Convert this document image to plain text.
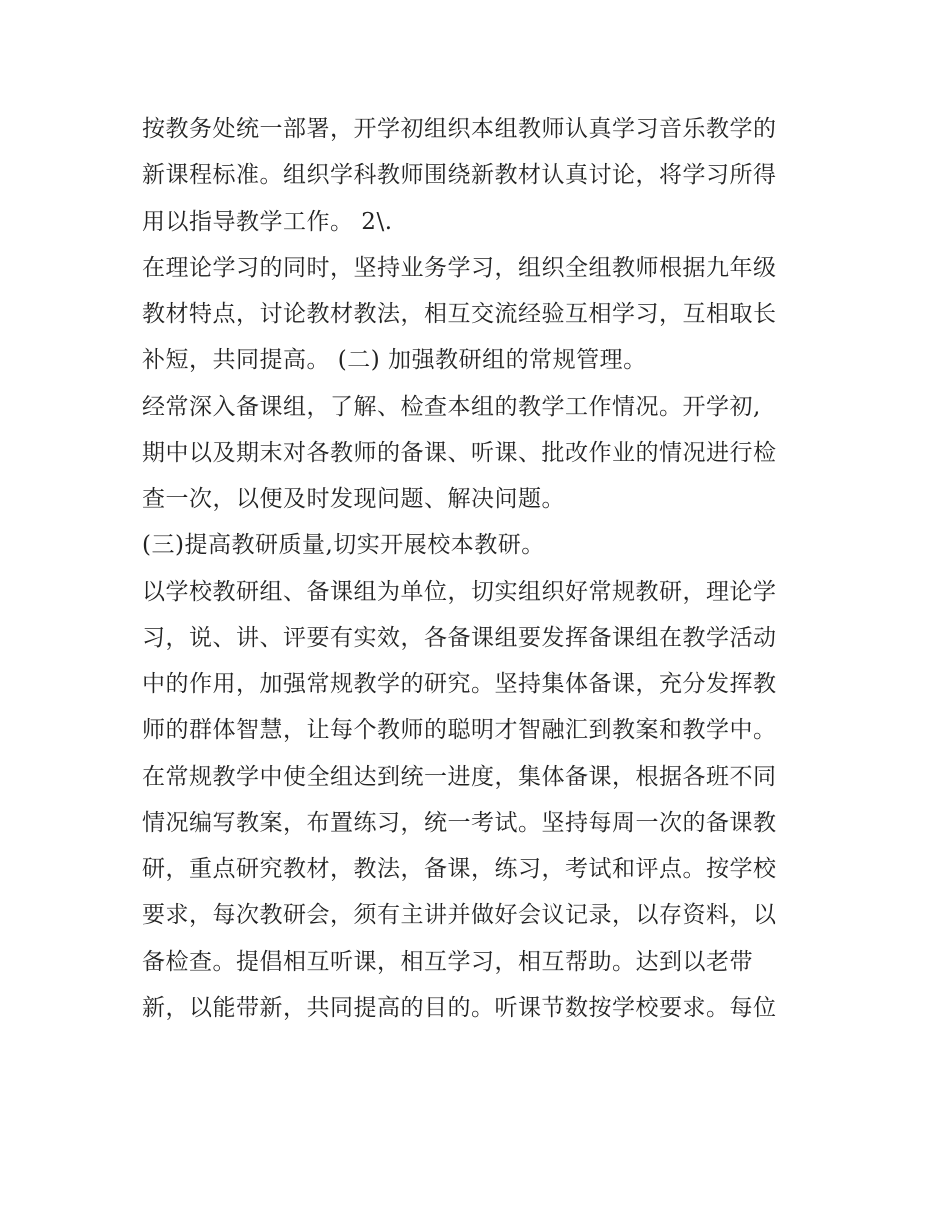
按教务处统一部署，开学初组织本组教师认真学习音乐教学的
新课程标准。组织学科教师围绕新教材认真讨论，将学习所得
用以指导教学工作。 2\.
在理论学习的同时，坚持业务学习，组织全组教师根据九年级
教材特点，讨论教材教法，相互交流经验互相学习，互相取长
补短，共同提高。 (二) 加强教研组的常规管理。
经常深入备课组，了解、检查本组的教学工作情况。开学初,
期中以及期末对各教师的备课、听课、批改作业的情况进行检
查一次，以便及时发现问题、解决问题。
(三)提高教研质量,切实开展校本教研。
以学校教研组、备课组为单位，切实组织好常规教研，理论学
习，说、讲、评要有实效，各备课组要发挥备课组在教学活动
中的作用，加强常规教学的研究。坚持集体备课，充分发挥教
师的群体智慧，让每个教师的聪明才智融汇到教案和教学中。
在常规教学中使全组达到统一进度，集体备课，根据各班不同
情况编写教案，布置练习，统一考试。坚持每周一次的备课教
研，重点研究教材，教法，备课，练习，考试和评点。按学校
要求，每次教研会，须有主讲并做好会议记录，以存资料，以
备检查。提倡相互听课，相互学习，相互帮助。达到以老带
新，以能带新，共同提高的目的。听课节数按学校要求。每位
